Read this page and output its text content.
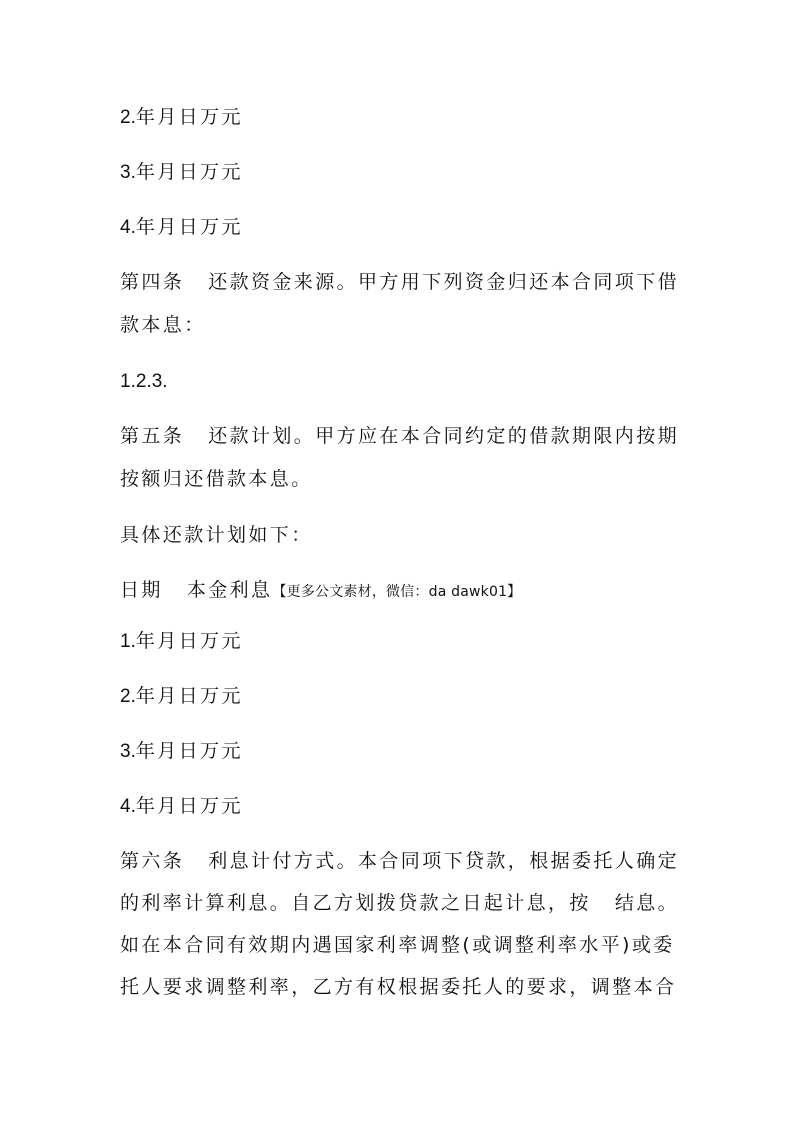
2.年月日万元
3.年月日万元
4.年月日万元
第四条 还款资金来源。甲方用下列资金归还本合同项下借
款本息：
1.2.3.
第五条 还款计划。甲方应在本合同约定的借款期限内按期
按额归还借款本息。
具体还款计划如下：
日期 本金利息【更多公文素材，微信：da dawk01】
1.年月日万元
2.年月日万元
3.年月日万元
4.年月日万元
第六条 利息计付方式。本合同项下贷款，根据委托人确定
的利率计算利息。自乙方划拨贷款之日起计息，按 结息。
如在本合同有效期内遇国家利率调整(或调整利率水平)或委
托人要求调整利率，乙方有权根据委托人的要求，调整本合
